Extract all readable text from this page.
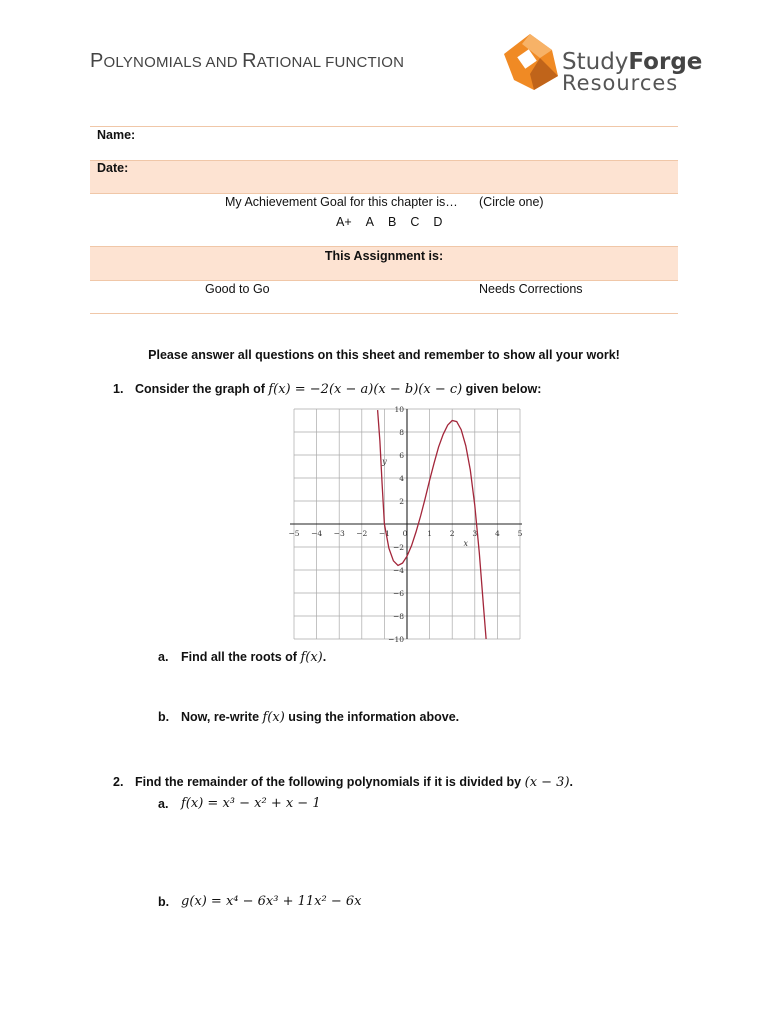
POLYNOMIALS AND RATIONAL FUNCTION	StudyForge
Resources
Name:
Date:
My Achievement Goal for this chapter is… (Circle one)
A+ A B C D
This Assignment is:
Good to Go	Needs Corrections
Please answer all questions on this sheet and remember to show all your work!
1. Consider the graph of f(x) = −2(x − a)(x − b)(x − c) given below:
−5 −4 −3 −2 −1 0	1 2 3 4 5
10
8
6
4
2
−2
−4
−6
−8
−10
x
y
a. Find all the roots of f(x).
b. Now, re-write f(x) using the information above.
2. Find the remainder of the following polynomials if it is divided by (x − 3).
a. f(x) = x³ − x² + x − 1
b. g(x) = x⁴ − 6x³ + 11x² − 6x
